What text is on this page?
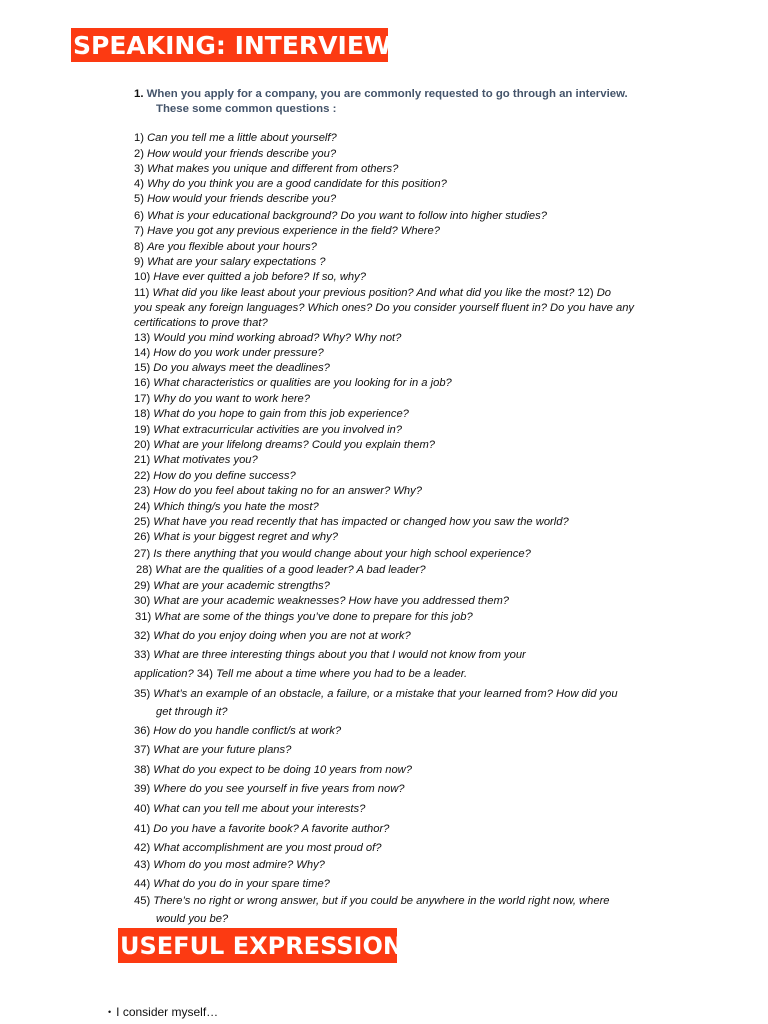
SPEAKING: INTERVIEWS
1. When you apply for a company, you are commonly requested to go through an interview.
These some common questions :
1) Can you tell me a little about yourself?
2) How would your friends describe you?
3) What makes you unique and different from others?
4) Why do you think you are a good candidate for this position?
5) How would your friends describe you?
6) What is your educational background? Do you want to follow into higher studies?
7) Have you got any previous experience in the field? Where?
8) Are you flexible about your hours?
9) What are your salary expectations ?
10) Have ever quitted a job before? If so, why?
11) What did you like least about your previous position? And what did you like the most? 12) Do
you speak any foreign languages? Which ones? Do you consider yourself fluent in? Do you have any
certifications to prove that?
13) Would you mind working abroad? Why? Why not?
14) How do you work under pressure?
15) Do you always meet the deadlines?
16) What characteristics or qualities are you looking for in a job?
17) Why do you want to work here?
18) What do you hope to gain from this job experience?
19) What extracurricular activities are you involved in?
20) What are your lifelong dreams? Could you explain them?
21) What motivates you?
22) How do you define success?
23) How do you feel about taking no for an answer? Why?
24) Which thing/s you hate the most?
25) What have you read recently that has impacted or changed how you saw the world?
26) What is your biggest regret and why?
27) Is there anything that you would change about your high school experience?
28) What are the qualities of a good leader? A bad leader?
29) What are your academic strengths?
30) What are your academic weaknesses? How have you addressed them?
31) What are some of the things you’ve done to prepare for this job?
32) What do you enjoy doing when you are not at work?
33) What are three interesting things about you that I would not know from your
application? 34) Tell me about a time where you had to be a leader.
35) What’s an example of an obstacle, a failure, or a mistake that your learned from? How did you
get through it?
36) How do you handle conflict/s at work?
37) What are your future plans?
38) What do you expect to be doing 10 years from now?
39) Where do you see yourself in five years from now?
40) What can you tell me about your interests?
41) Do you have a favorite book? A favorite author?
42) What accomplishment are you most proud of?
43) Whom do you most admire? Why?
44) What do you do in your spare time?
45) There’s no right or wrong answer, but if you could be anywhere in the world right now, where
would you be?
USEFUL EXPRESSIONS
• I consider myself…
